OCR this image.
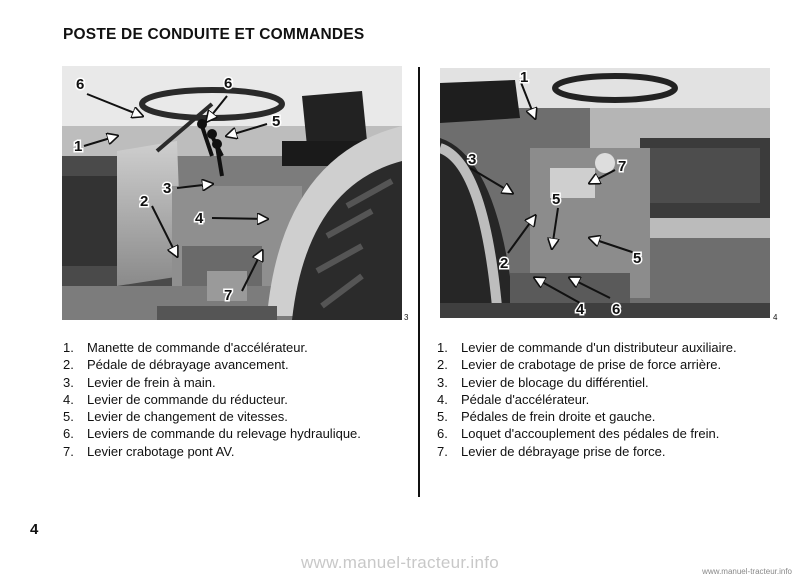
POSTE DE CONDUITE ET COMMANDES
6	6
5
1
3
2
4
7
3
1
3	7
5
2	5
4 6	4
1. Manette de commande d'accélérateur.
2. Pédale de débrayage avancement.
3. Levier de frein à main.
4. Levier de commande du réducteur.
5. Levier de changement de vitesses.
6. Leviers de commande du relevage hydraulique.
7. Levier crabotage pont AV.
1. Levier de commande d'un distributeur auxiliaire.
2. Levier de crabotage de prise de force arrière.
3. Levier de blocage du différentiel.
4. Pédale d'accélérateur.
5. Pédales de frein droite et gauche.
6. Loquet d'accouplement des pédales de frein.
7. Levier de débrayage prise de force.
4
www.manuel-tracteur.info	www.manuel-tracteur.info
